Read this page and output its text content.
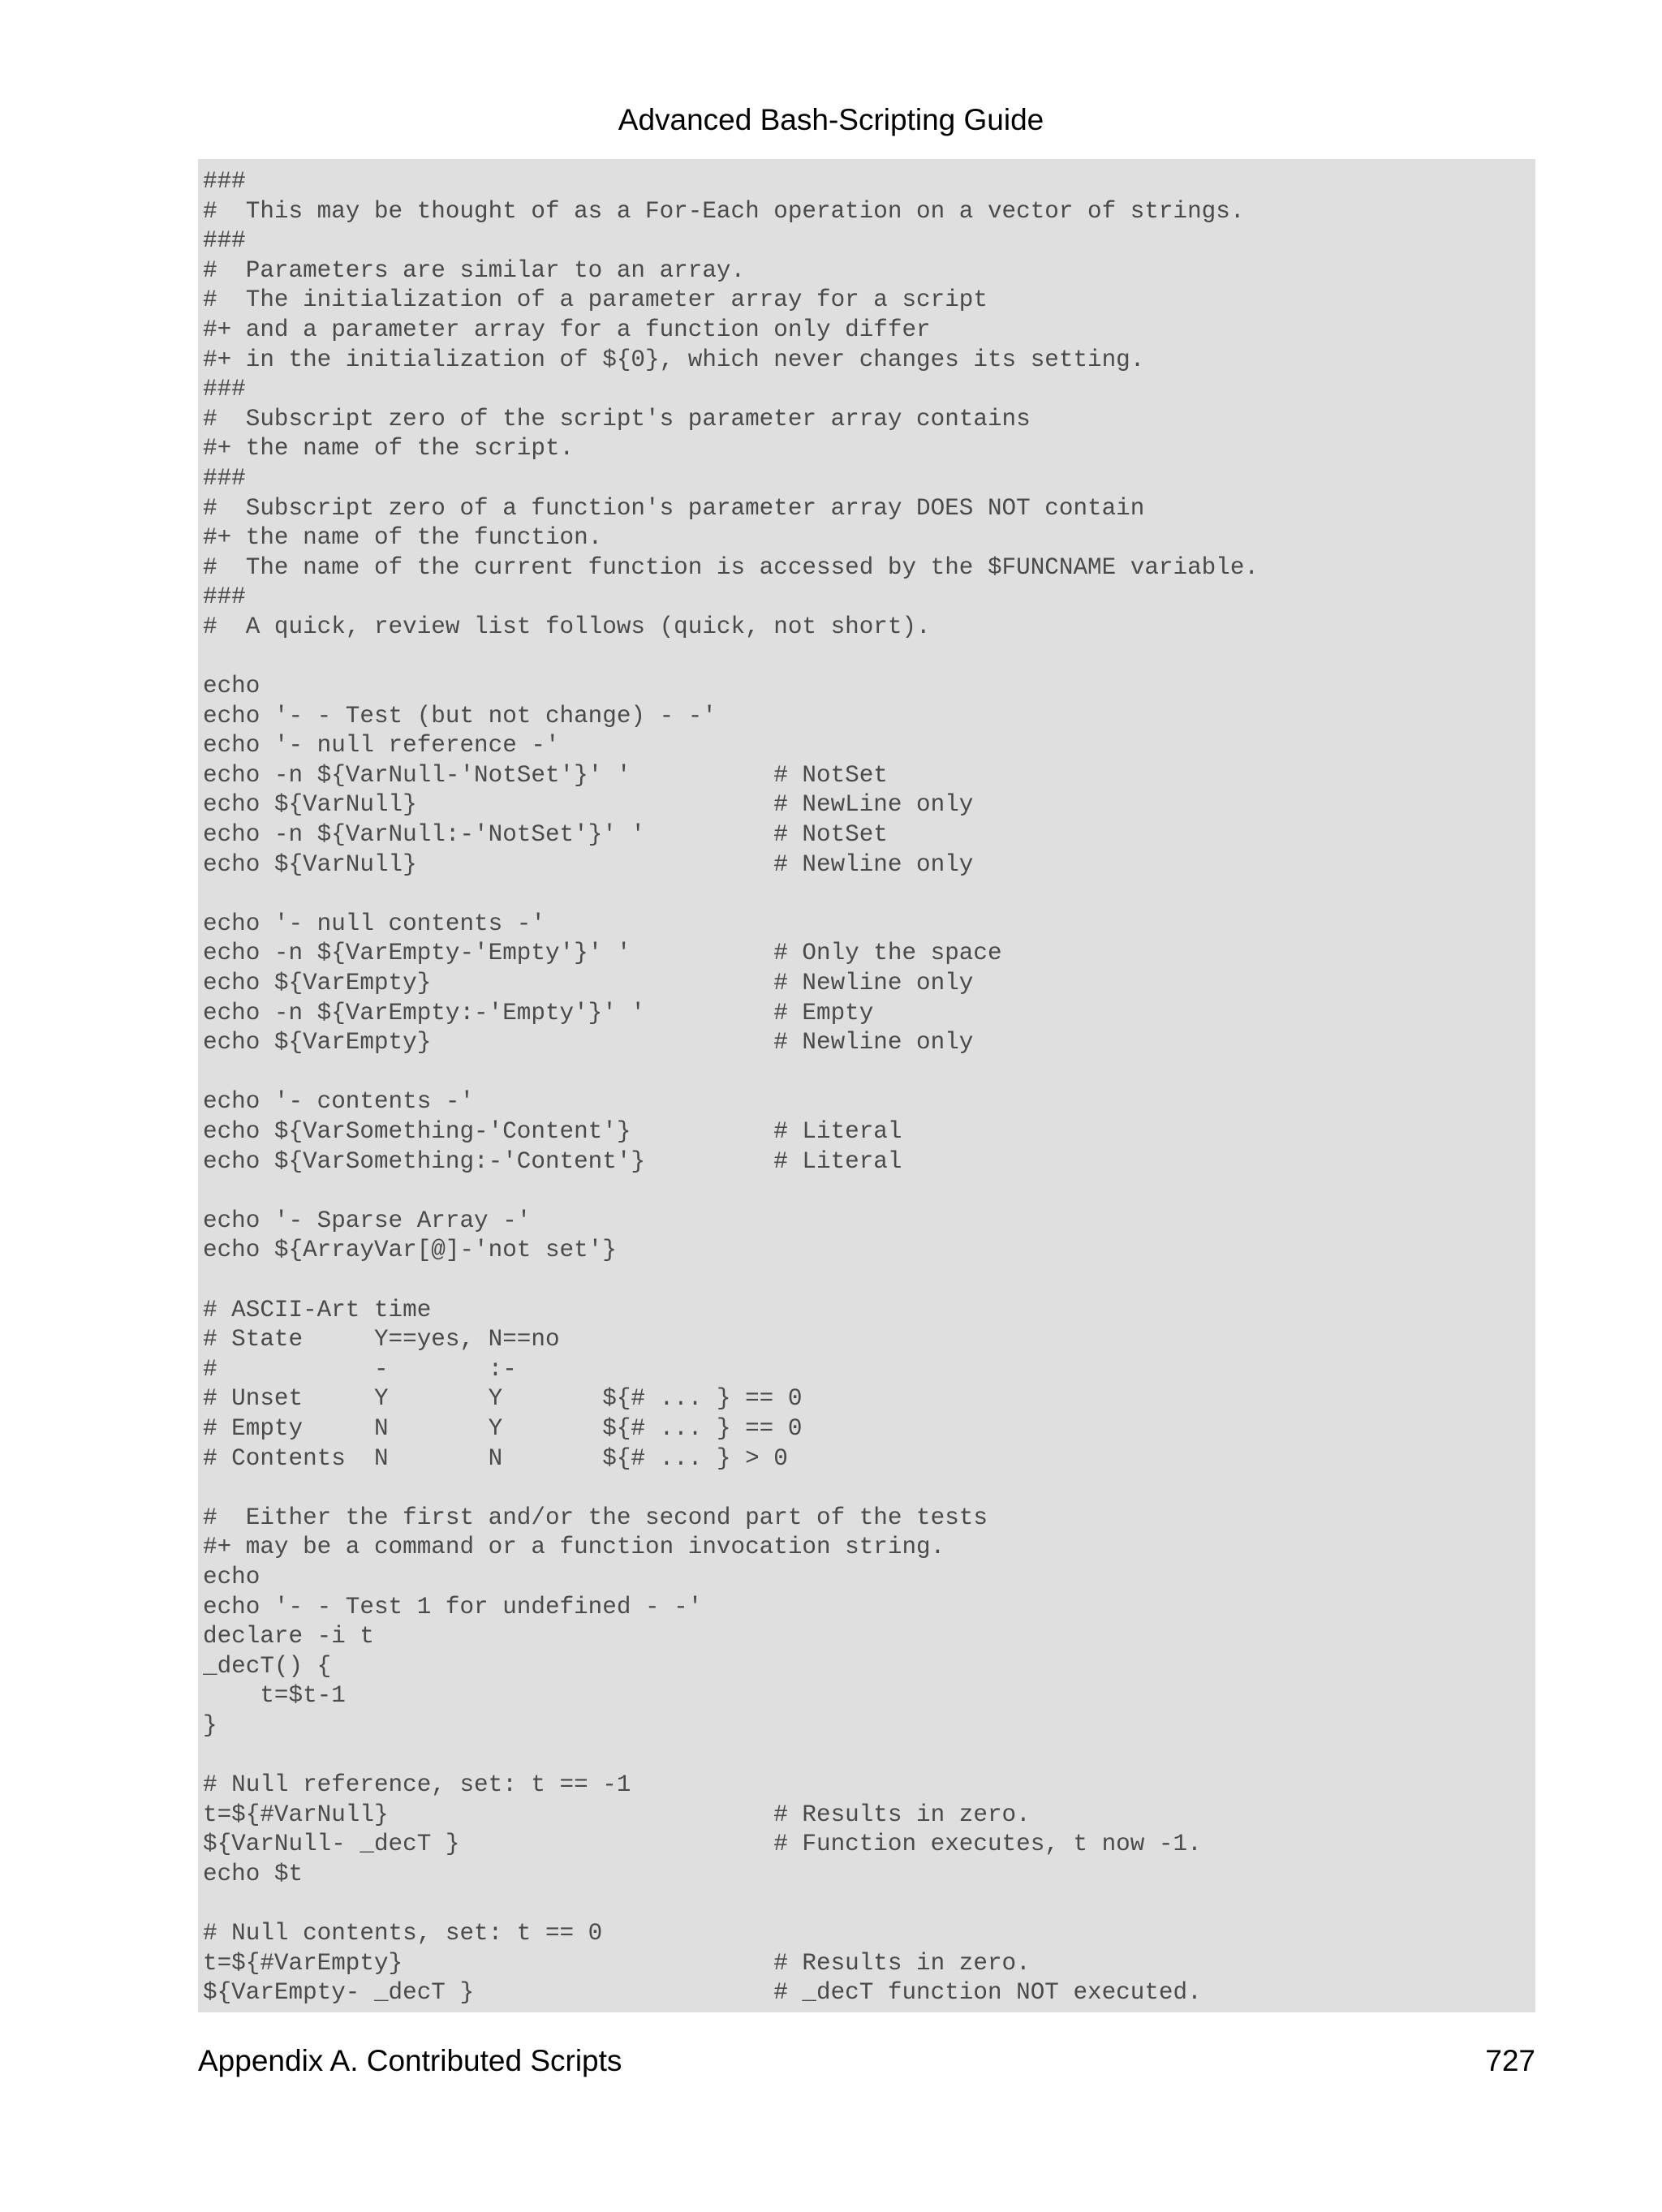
Advanced Bash-Scripting Guide
###
#  This may be thought of as a For-Each operation on a vector of strings.
###
#  Parameters are similar to an array.
#  The initialization of a parameter array for a script
#+ and a parameter array for a function only differ
#+ in the initialization of ${0}, which never changes its setting.
###
#  Subscript zero of the script's parameter array contains
#+ the name of the script.
###
#  Subscript zero of a function's parameter array DOES NOT contain
#+ the name of the function.
#  The name of the current function is accessed by the $FUNCNAME variable.
###
#  A quick, review list follows (quick, not short).
echo
echo '- - Test (but not change) - -'
echo '- null reference -'
echo -n ${VarNull-'NotSet'}' '          # NotSet
echo ${VarNull}                         # NewLine only
echo -n ${VarNull:-'NotSet'}' '         # NotSet
echo ${VarNull}                         # Newline only
echo '- null contents -'
echo -n ${VarEmpty-'Empty'}' '          # Only the space
echo ${VarEmpty}                        # Newline only
echo -n ${VarEmpty:-'Empty'}' '         # Empty
echo ${VarEmpty}                        # Newline only
echo '- contents -'
echo ${VarSomething-'Content'}          # Literal
echo ${VarSomething:-'Content'}         # Literal
echo '- Sparse Array -'
echo ${ArrayVar[@]-'not set'}
# ASCII-Art time
# State     Y==yes, N==no
#           -       :-
# Unset     Y       Y       ${# ... } == 0
# Empty     N       Y       ${# ... } == 0
# Contents  N       N       ${# ... } > 0
#  Either the first and/or the second part of the tests
#+ may be a command or a function invocation string.
echo
echo '- - Test 1 for undefined - -'
declare -i t
_decT() {
t=$t-1
}
# Null reference, set: t == -1
t=${#VarNull}                           # Results in zero.
${VarNull- _decT }                      # Function executes, t now -1.
echo $t
# Null contents, set: t == 0
t=${#VarEmpty}                          # Results in zero.
${VarEmpty- _decT }                     # _decT function NOT executed.
Appendix A. Contributed Scripts	727
